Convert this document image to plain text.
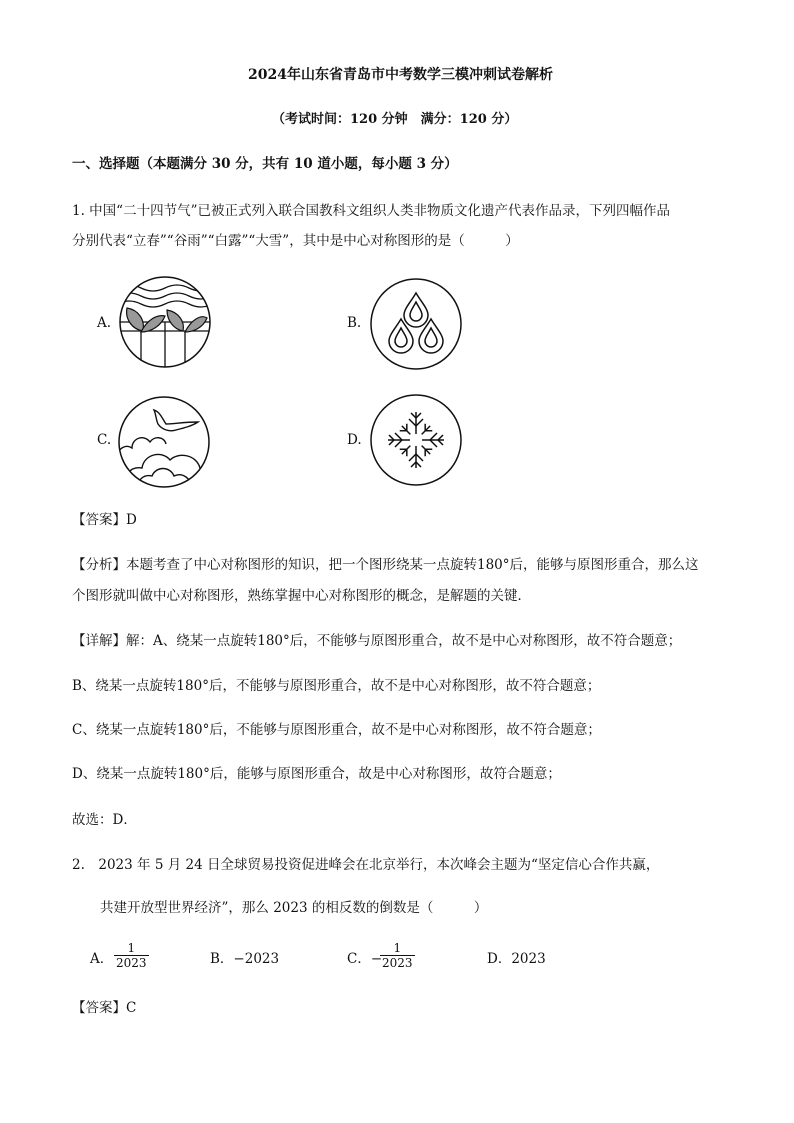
2024年山东省青岛市中考数学三模冲刺试卷解析
（考试时间：120 分钟　满分：120 分）
一、选择题（本题满分 30 分，共有 10 道小题，每小题 3 分）
1. 中国“二十四节气”已被正式列入联合国教科文组织人类非物质文化遗产代表作品录，下列四幅作品
分别代表“立春”“谷雨”“白露”“大雪”，其中是中心对称图形的是（　　　）
A.	B.
C.	D.
【答案】D
【分析】本题考查了中心对称图形的知识，把一个图形绕某一点旋转180°后，能够与原图形重合，那么这
个图形就叫做中心对称图形，熟练掌握中心对称图形的概念，是解题的关键．
【详解】解：A、绕某一点旋转180°后，不能够与原图形重合，故不是中心对称图形，故不符合题意；
B、绕某一点旋转180°后，不能够与原图形重合，故不是中心对称图形，故不符合题意；
C、绕某一点旋转180°后，不能够与原图形重合，故不是中心对称图形，故不符合题意；
D、绕某一点旋转180°后，能够与原图形重合，故是中心对称图形，故符合题意；
故选：D．
2.　2023 年 5 月 24 日全球贸易投资促进峰会在北京举行，本次峰会主题为“坚定信心合作共赢，
共建开放型世界经济”，那么 2023 的相反数的倒数是（　　　）
A．
1
2023	B．−2023	C．−
1
2023	D．2023
【答案】C
